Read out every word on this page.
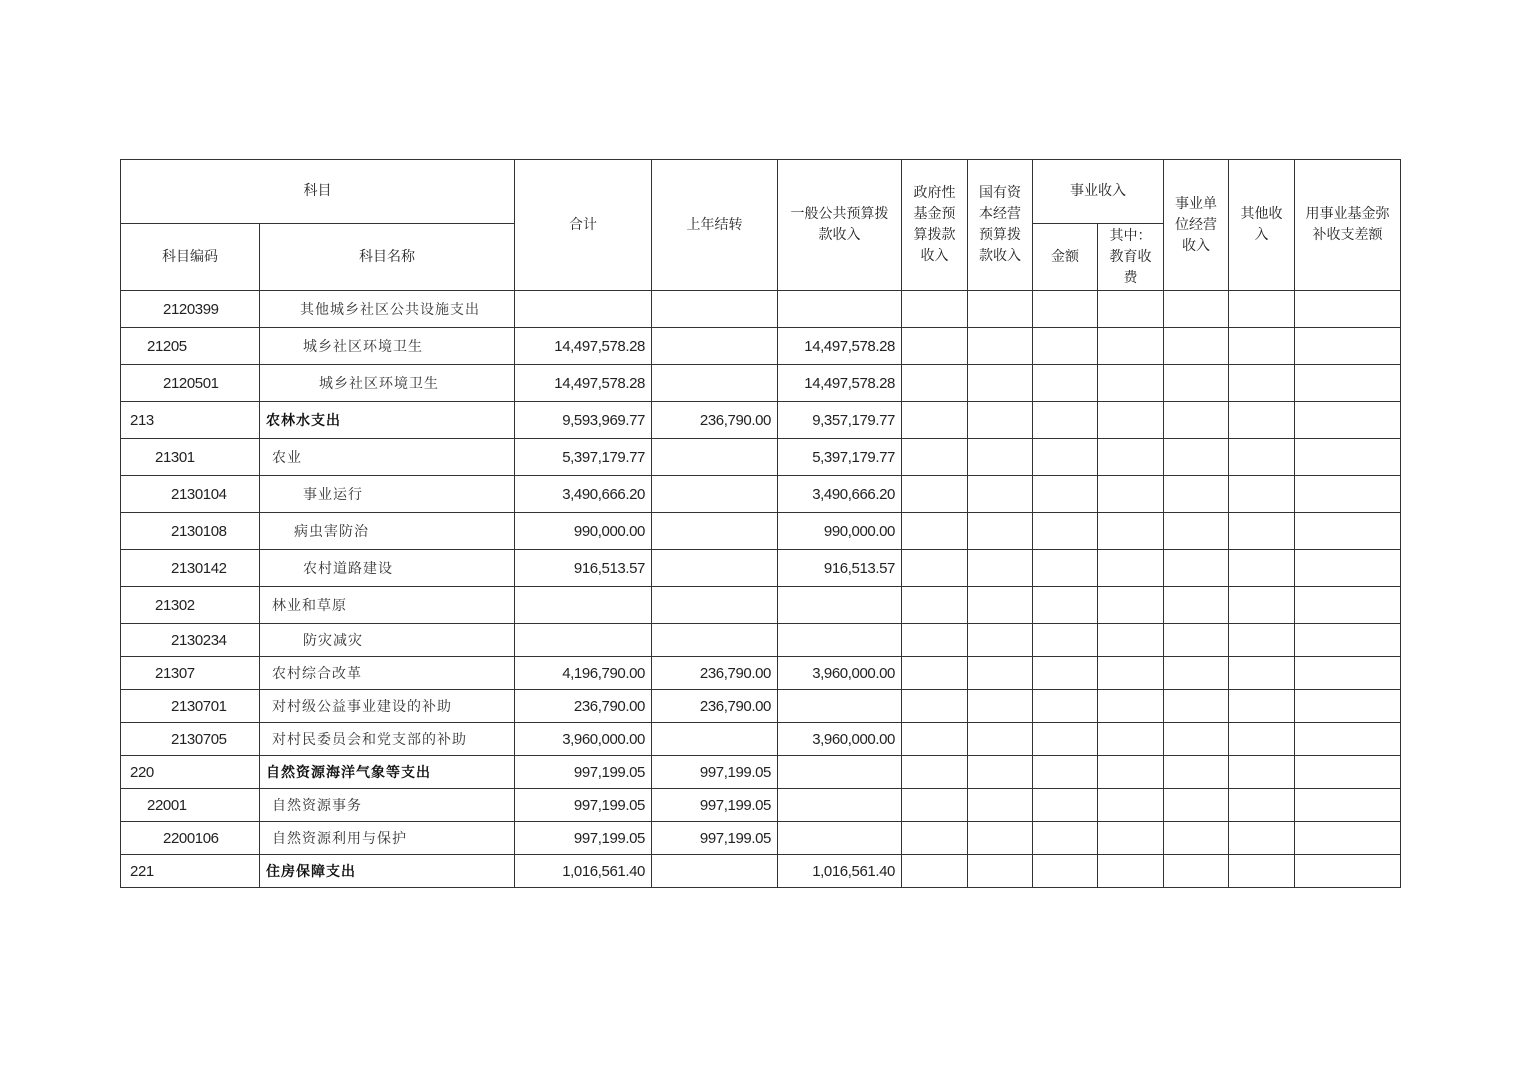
科目		合计	上年结转	一般公共预算拨款收入	政府性基金预算拨款收入	国有资本经营预算拨款收入	事业收入		事业单位经营收入	其他收入	用事业基金弥补收支差额
科目编码	科目名称						金额	其中：教育收费			
2120399	其他城乡社区公共设施支出										
21205	城乡社区环境卫生	14,497,578.28		14,497,578.28							
2120501	城乡社区环境卫生	14,497,578.28		14,497,578.28							
213	农林水支出	9,593,969.77	236,790.00	9,357,179.77							
21301	农业	5,397,179.77		5,397,179.77							
2130104	事业运行	3,490,666.20		3,490,666.20							
2130108	病虫害防治	990,000.00		990,000.00							
2130142	农村道路建设	916,513.57		916,513.57							
21302	林业和草原										
2130234	防灾减灾										
21307	农村综合改革	4,196,790.00	236,790.00	3,960,000.00							
2130701	对村级公益事业建设的补助	236,790.00	236,790.00								
2130705	对村民委员会和党支部的补助	3,960,000.00		3,960,000.00							
220	自然资源海洋气象等支出	997,199.05	997,199.05								
22001	自然资源事务	997,199.05	997,199.05								
2200106	自然资源利用与保护	997,199.05	997,199.05								
221	住房保障支出	1,016,561.40		1,016,561.40							
